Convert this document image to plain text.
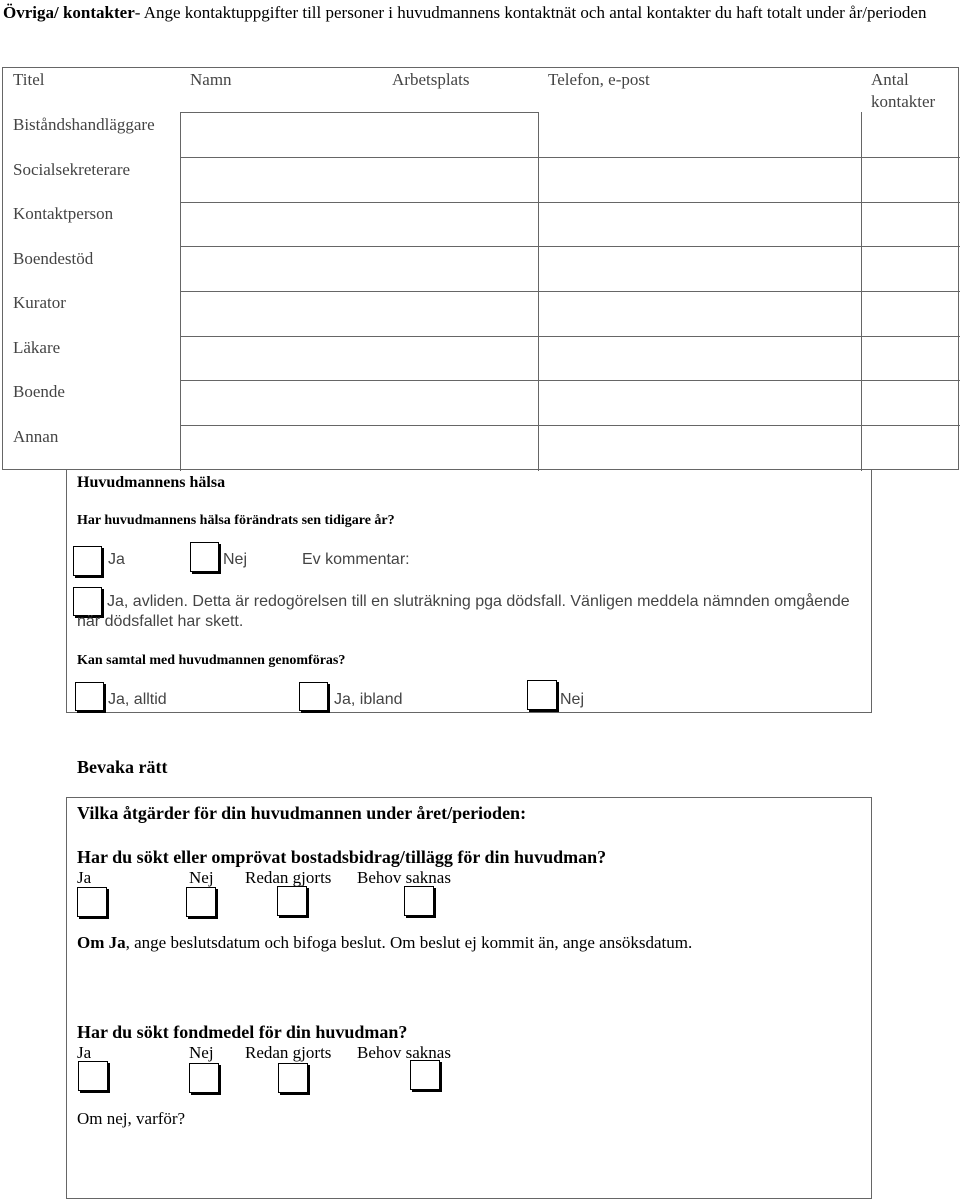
Övriga/ kontakter- Ange kontaktuppgifter till personer i huvudmannens kontaktnät och antal kontakter du haft totalt under år/perioden
Titel	Namn	Arbetsplats	Telefon, e-post	Antal kontakter
Biståndshandläggare
Socialsekreterare
Kontaktperson
Boendestöd
Kurator
Läkare
Boende
Annan
Huvudmannens hälsa
Har huvudmannens hälsa förändrats sen tidigare år?
Ja	Nej	Ev kommentar:
Ja, avliden. Detta är redogörelsen till en sluträkning pga dödsfall. Vänligen meddela nämnden omgående när dödsfallet har skett.
Kan samtal med huvudmannen genomföras?
Ja, alltid	Ja, ibland	Nej
Bevaka rätt
Vilka åtgärder för din huvudmannen under året/perioden:
Har du sökt eller omprövat bostadsbidrag/tillägg för din huvudman?
Ja	Nej Redan gjorts Behov saknas
Om Ja, ange beslutsdatum och bifoga beslut. Om beslut ej kommit än, ange ansöksdatum.
Har du sökt fondmedel för din huvudman?
Ja	Nej Redan gjorts Behov saknas
Om nej, varför?
